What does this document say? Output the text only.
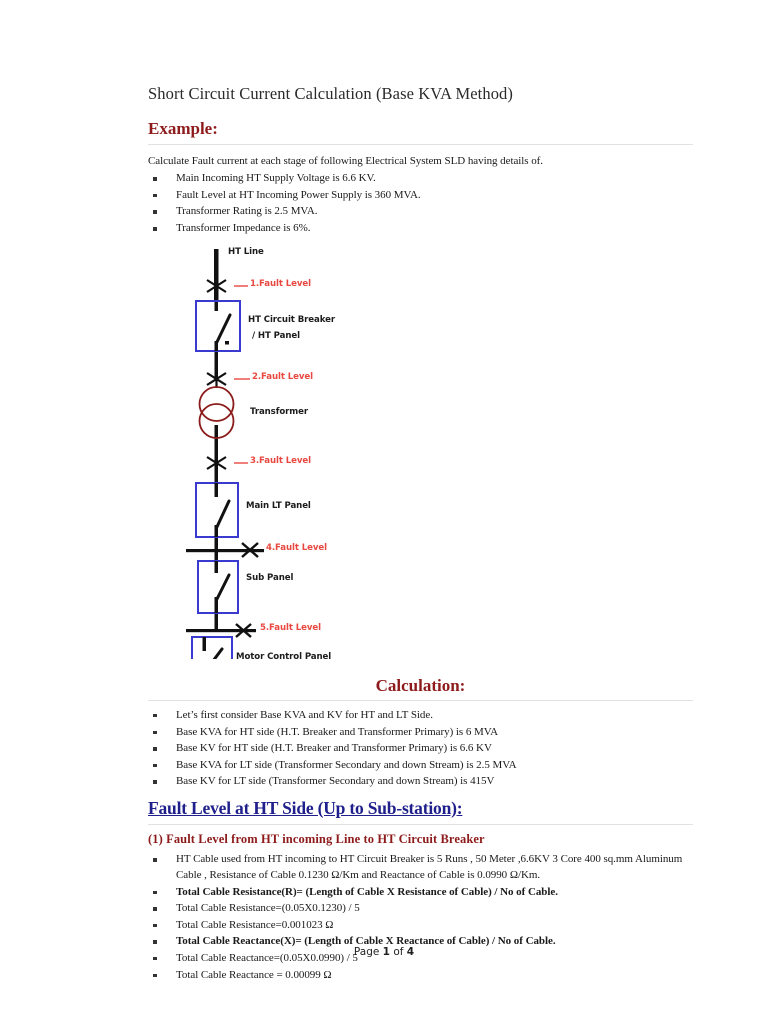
Short Circuit Current Calculation (Base KVA Method)
Example:

Calculate Fault current at each stage of following Electrical System SLD having details of.

Main Incoming HT Supply Voltage is 6.6 KV.
Fault Level at HT Incoming Power Supply is 360 MVA.
Transformer Rating is 2.5 MVA.
Transformer Impedance is 6%.
HT Line
1.Fault Level
HT Circuit Breaker
/ HT Panel
2.Fault Level
Transformer
3.Fault Level
Main LT Panel
4.Fault Level
Sub Panel
5.Fault Level
Motor Control Panel
Calculation:
Let’s first consider Base KVA and KV for HT and LT Side.
Base KVA for HT side (H.T. Breaker and Transformer Primary) is 6 MVA
Base KV for HT side (H.T. Breaker and Transformer Primary) is 6.6 KV
Base KVA for LT side (Transformer Secondary and down Stream) is 2.5 MVA
Base KV for LT side (Transformer Secondary and down Stream) is 415V
Fault Level at HT Side (Up to Sub-station):
(1) Fault Level from HT incoming Line to HT Circuit Breaker
HT Cable used from HT incoming to HT Circuit Breaker is 5 Runs , 50 Meter ,6.6KV 3 Core 400 sq.mm Aluminum Cable , Resistance of Cable 0.1230 Ω/Km and Reactance of Cable is 0.0990 Ω/Km.
Total Cable Resistance(R)= (Length of Cable X Resistance of Cable) / No of Cable.
Total Cable Resistance=(0.05X0.1230) / 5
Total Cable Resistance=0.001023 Ω
Total Cable Reactance(X)= (Length of Cable X Reactance of Cable) / No of Cable.
Total Cable Reactance=(0.05X0.0990) / 5
Total Cable Reactance = 0.00099 Ω
Page 1 of 4
